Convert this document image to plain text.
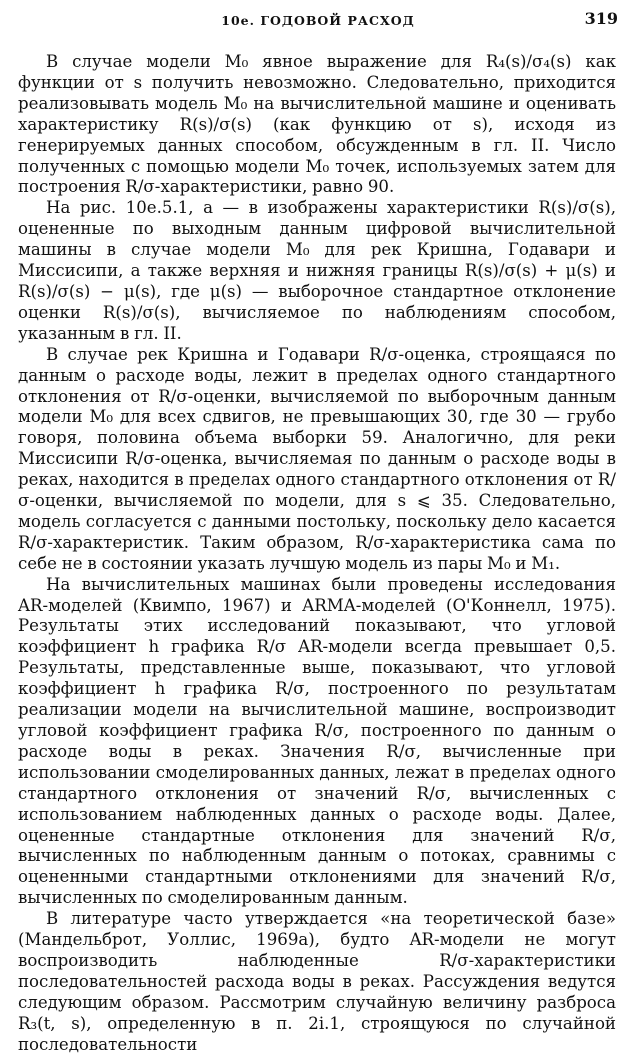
10е. ГОДОВОЙ РАСХОД	319

В случае модели M₀ явное выражение для R₄(s)/σ₄(s) как функции от s получить невозможно. Следовательно, приходится реализовывать модель M₀ на вычислительной машине и оценивать характеристику R(s)/σ(s) (как функцию от s), исходя из генерируемых данных способом, обсужденным в гл. II. Число полученных с помощью модели M₀ точек, используемых затем для построения R/σ-характеристики, равно 90.

На рис. 10е.5.1, а — в изображены характеристики R(s)/σ(s), оцененные по выходным данным цифровой вычислительной машины в случае модели M₀ для рек Кришна, Годавари и Миссисипи, а также верхняя и нижняя границы R(s)/σ(s) + μ(s) и R(s)/σ(s) − μ(s), где μ(s) — выборочное стандартное отклонение оценки R(s)/σ(s), вычисляемое по наблюдениям способом, указанным в гл. II.

В случае рек Кришна и Годавари R/σ-оценка, строящаяся по данным о расходе воды, лежит в пределах одного стандартного отклонения от R/σ-оценки, вычисляемой по выборочным данным модели M₀ для всех сдвигов, не превышающих 30, где 30 — грубо говоря, половина объема выборки 59. Аналогично, для реки Миссисипи R/σ-оценка, вычисляемая по данным о расходе воды в реках, находится в пределах одного стандартного отклонения от R/σ-оценки, вычисляемой по модели, для s ⩽ 35. Следовательно, модель согласуется с данными постольку, поскольку дело касается R/σ-характеристик. Таким образом, R/σ-характеристика сама по себе не в состоянии указать лучшую модель из пары M₀ и M₁.

На вычислительных машинах были проведены исследования AR-моделей (Квимпо, 1967) и ARMA-моделей (О'Коннелл, 1975). Результаты этих исследований показывают, что угловой коэффициент h графика R/σ AR-модели всегда превышает 0,5. Результаты, представленные выше, показывают, что угловой коэффициент h графика R/σ, построенного по результатам реализации модели на вычислительной машине, воспроизводит угловой коэффициент графика R/σ, построенного по данным о расходе воды в реках. Значения R/σ, вычисленные при использовании смоделированных данных, лежат в пределах одного стандартного отклонения от значений R/σ, вычисленных с использованием наблюденных данных о расходе воды. Далее, оцененные стандартные отклонения для значений R/σ, вычисленных по наблюденным данным о потоках, сравнимы с оцененными стандартными отклонениями для значений R/σ, вычисленных по смоделированным данным.

В литературе часто утверждается «на теоретической базе» (Мандельброт, Уоллис, 1969а), будто AR-модели не могут воспроизводить наблюденные R/σ-характеристики последовательностей расхода воды в реках. Рассуждения ведутся следующим образом. Рассмотрим случайную величину разброса R₃(t, s), определенную в п. 2i.1, строящуюся по случайной последовательности
